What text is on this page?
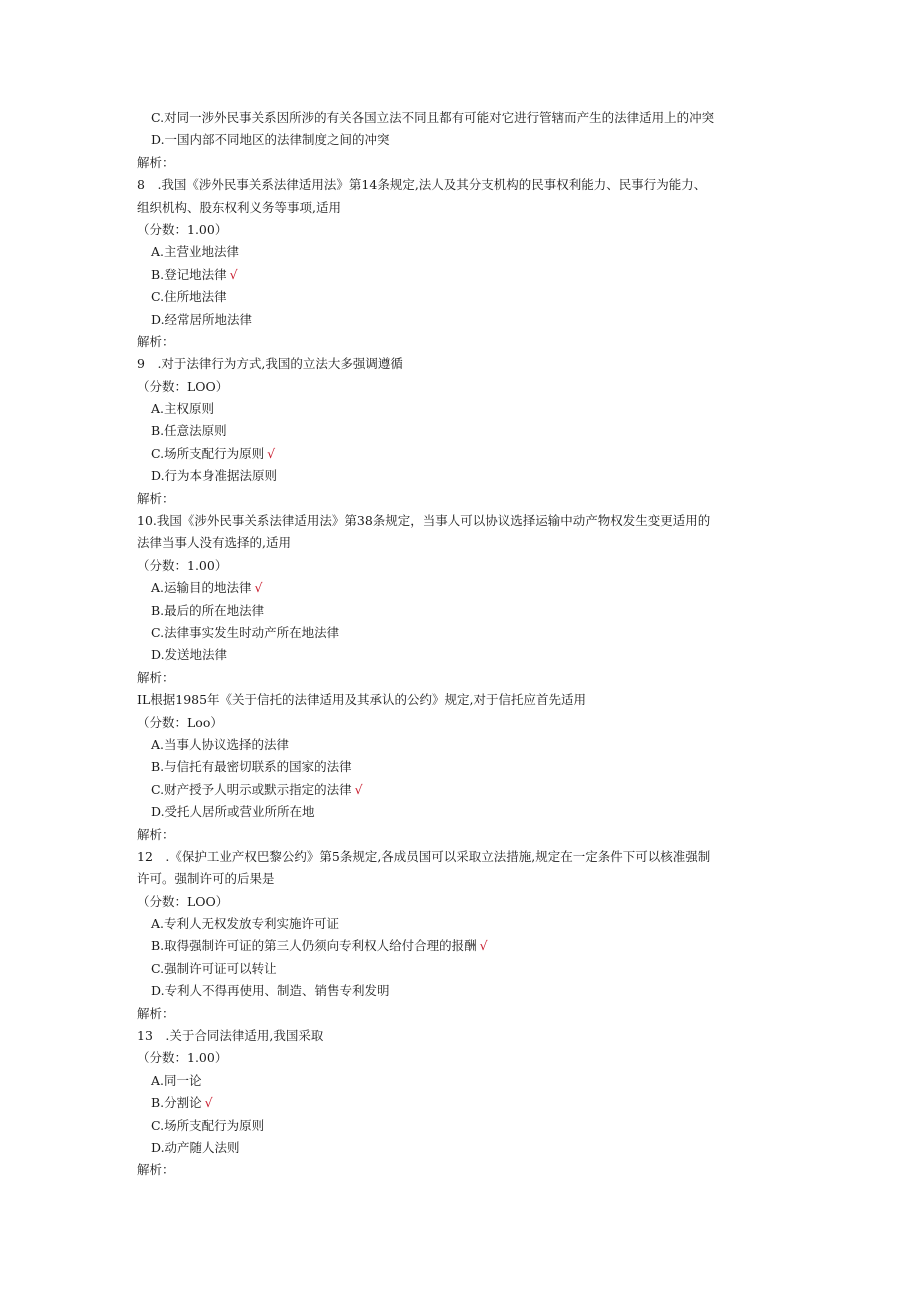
C.对同一涉外民事关系因所涉的有关各国立法不同且都有可能对它进行管辖而产生的法律适用上的冲突
D.一国内部不同地区的法律制度之间的冲突
解析：
8　.我国《涉外民事关系法律适用法》第14条规定,法人及其分支机构的民事权利能力、民事行为能力、
组织机构、股东权利义务等事项,适用
（分数：1.00）
A.主营业地法律
B.登记地法律 √
C.住所地法律
D.经常居所地法律
解析：
9　.对于法律行为方式,我国的立法大多强调遵循
（分数：LOO）
A.主权原则
B.任意法原则
C.场所支配行为原则 √
D.行为本身准据法原则
解析：
10.我国《涉外民事关系法律适用法》第38条规定，当事人可以协议选择运输中动产物权发生变更适用的
法律当事人没有选择的,适用
（分数：1.00）
A.运输目的地法律 √
B.最后的所在地法律
C.法律事实发生时动产所在地法律
D.发送地法律
解析：
IL根据1985年《关于信托的法律适用及其承认的公约》规定,对于信托应首先适用
（分数：Loo）
A.当事人协议选择的法律
B.与信托有最密切联系的国家的法律
C.财产授予人明示或默示指定的法律 √
D.受托人居所或营业所所在地
解析：
12　.《保护工业产权巴黎公约》第5条规定,各成员国可以采取立法措施,规定在一定条件下可以核准强制
许可。强制许可的后果是
（分数：LOO）
A.专利人无权发放专利实施许可证
B.取得强制许可证的第三人仍须向专利权人给付合理的报酬 √
C.强制许可证可以转让
D.专利人不得再使用、制造、销售专利发明
解析：
13　.关于合同法律适用,我国采取
（分数：1.00）
A.同一论
B.分割论 √
C.场所支配行为原则
D.动产随人法则
解析：
